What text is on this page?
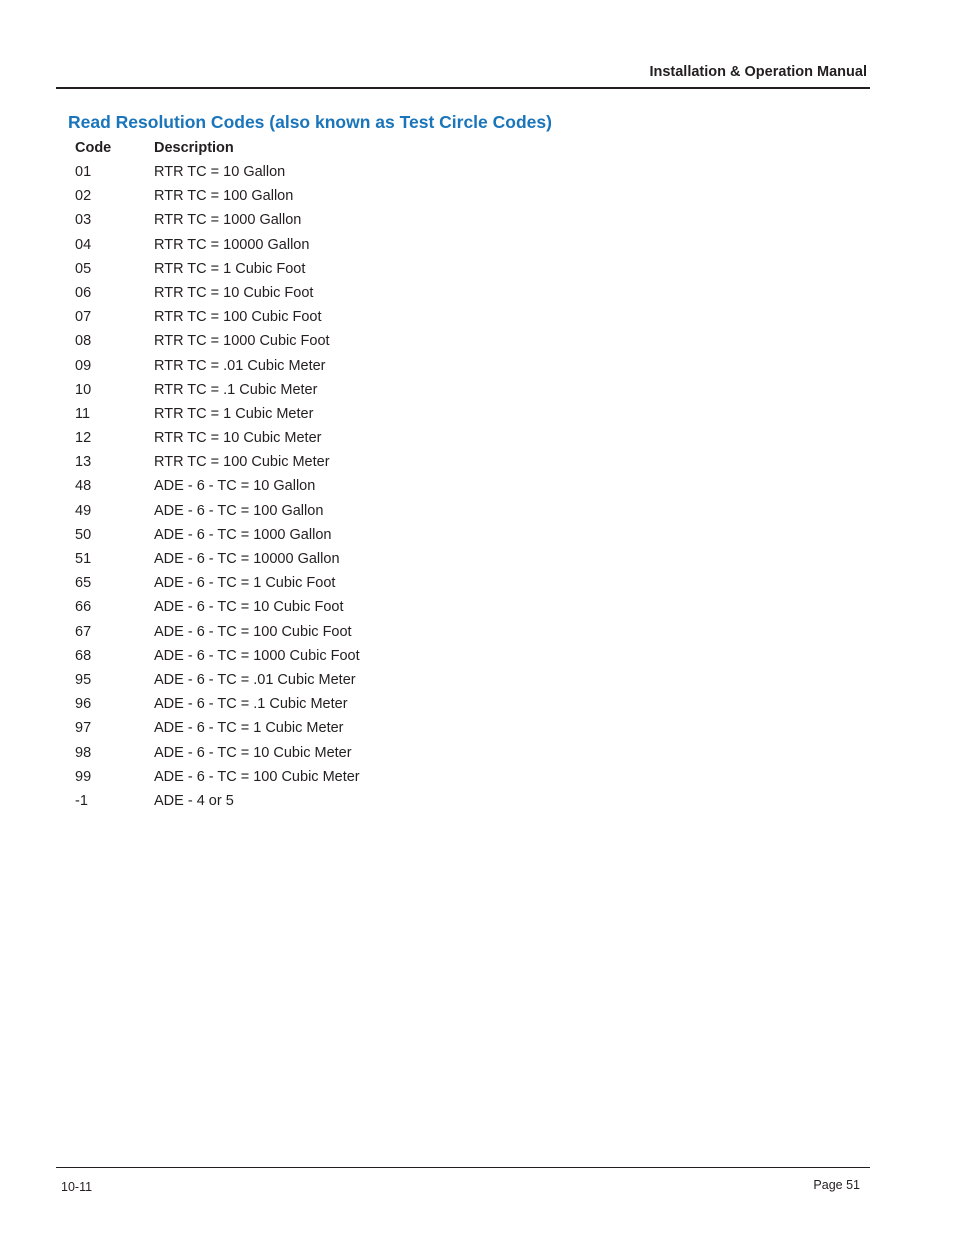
Installation & Operation Manual
Read Resolution Codes (also known as Test Circle Codes)
Code	Description
01	RTR TC = 10 Gallon
02	RTR TC = 100 Gallon
03	RTR TC = 1000 Gallon
04	RTR TC = 10000 Gallon
05	RTR TC = 1 Cubic Foot
06	RTR TC = 10 Cubic Foot
07	RTR TC = 100 Cubic Foot
08	RTR TC = 1000 Cubic Foot
09	RTR TC = .01 Cubic Meter
10	RTR TC = .1 Cubic Meter
11	RTR TC = 1 Cubic Meter
12	RTR TC = 10 Cubic Meter
13	RTR TC = 100 Cubic Meter
48	ADE - 6 - TC = 10 Gallon
49	ADE - 6 - TC = 100 Gallon
50	ADE - 6 - TC = 1000 Gallon
51	ADE - 6 - TC = 10000 Gallon
65	ADE - 6 - TC = 1 Cubic Foot
66	ADE - 6 - TC = 10 Cubic Foot
67	ADE - 6 - TC = 100 Cubic Foot
68	ADE - 6 - TC = 1000 Cubic Foot
95	ADE - 6 - TC = .01 Cubic Meter
96	ADE - 6 - TC = .1 Cubic Meter
97	ADE - 6 - TC = 1 Cubic Meter
98	ADE - 6 - TC = 10 Cubic Meter
99	ADE - 6 - TC = 100 Cubic Meter
-1	ADE - 4 or 5
10-11	Page 51
